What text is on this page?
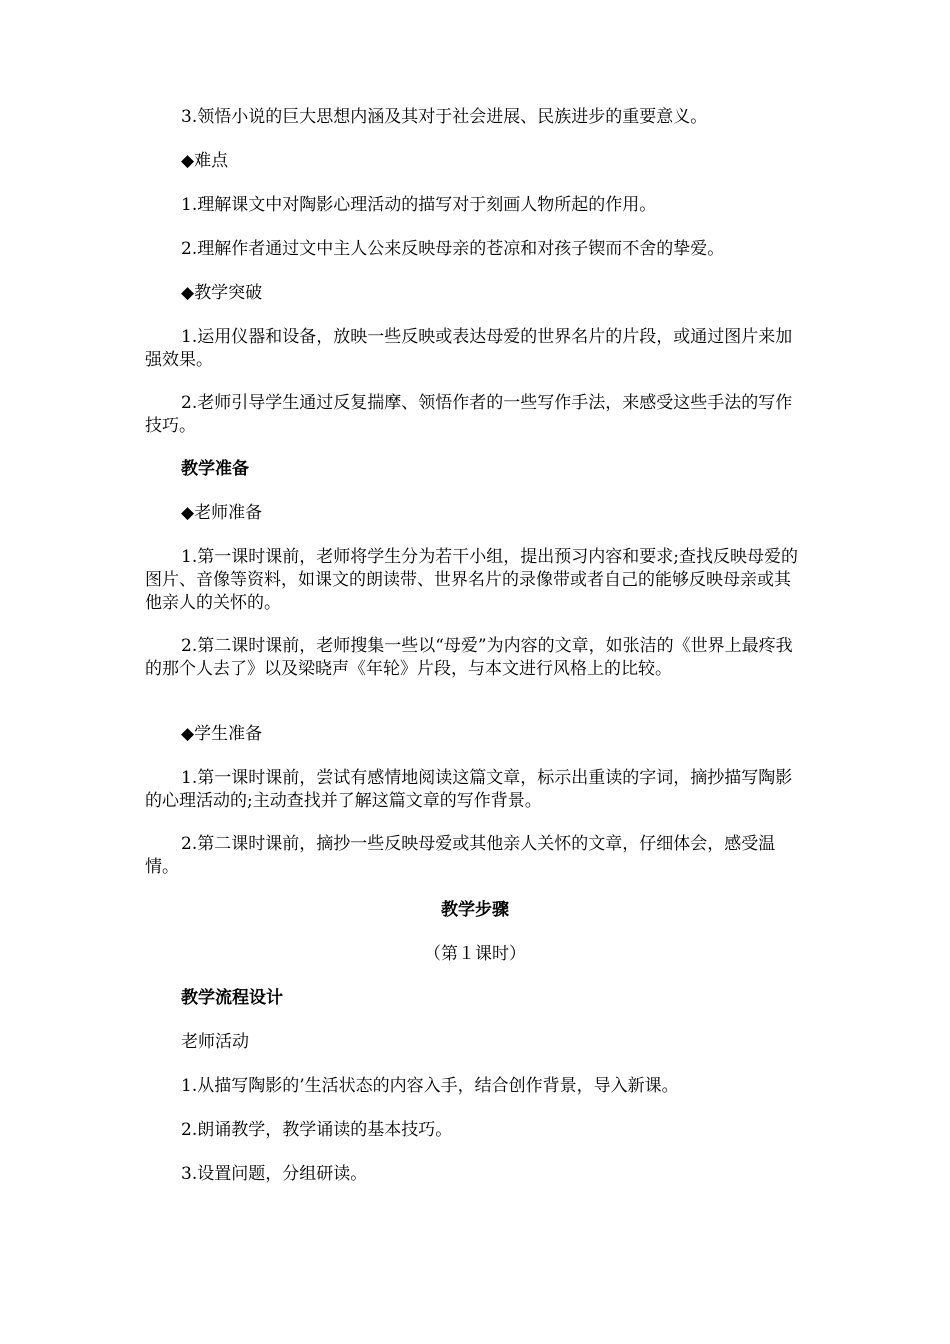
3.领悟小说的巨大思想内涵及其对于社会进展、民族进步的重要意义。

◆难点

1.理解课文中对陶影心理活动的描写对于刻画人物所起的作用。

2.理解作者通过文中主人公来反映母亲的苍凉和对孩子锲而不舍的挚爱。

◆教学突破

1.运用仪器和设备，放映一些反映或表达母爱的世界名片的片段，或通过图片来加强效果。

2.老师引导学生通过反复揣摩、领悟作者的一些写作手法，来感受这些手法的写作技巧。

教学准备

◆老师准备

1.第一课时课前，老师将学生分为若干小组，提出预习内容和要求;查找反映母爱的图片、音像等资料，如课文的朗读带、世界名片的录像带或者自己的能够反映母亲或其他亲人的关怀的。

2.第二课时课前，老师搜集一些以“母爱”为内容的文章，如张洁的《世界上最疼我的那个人去了》以及梁晓声《年轮》片段，与本文进行风格上的比较。

◆学生准备

1.第一课时课前，尝试有感情地阅读这篇文章，标示出重读的字词，摘抄描写陶影的心理活动的;主动查找并了解这篇文章的写作背景。

2.第二课时课前，摘抄一些反映母爱或其他亲人关怀的文章，仔细体会，感受温情。

教学步骤

（第１课时）

教学流程设计

老师活动

1.从描写陶影的’生活状态的内容入手，结合创作背景，导入新课。

2.朗诵教学，教学诵读的基本技巧。

3.设置问题，分组研读。
